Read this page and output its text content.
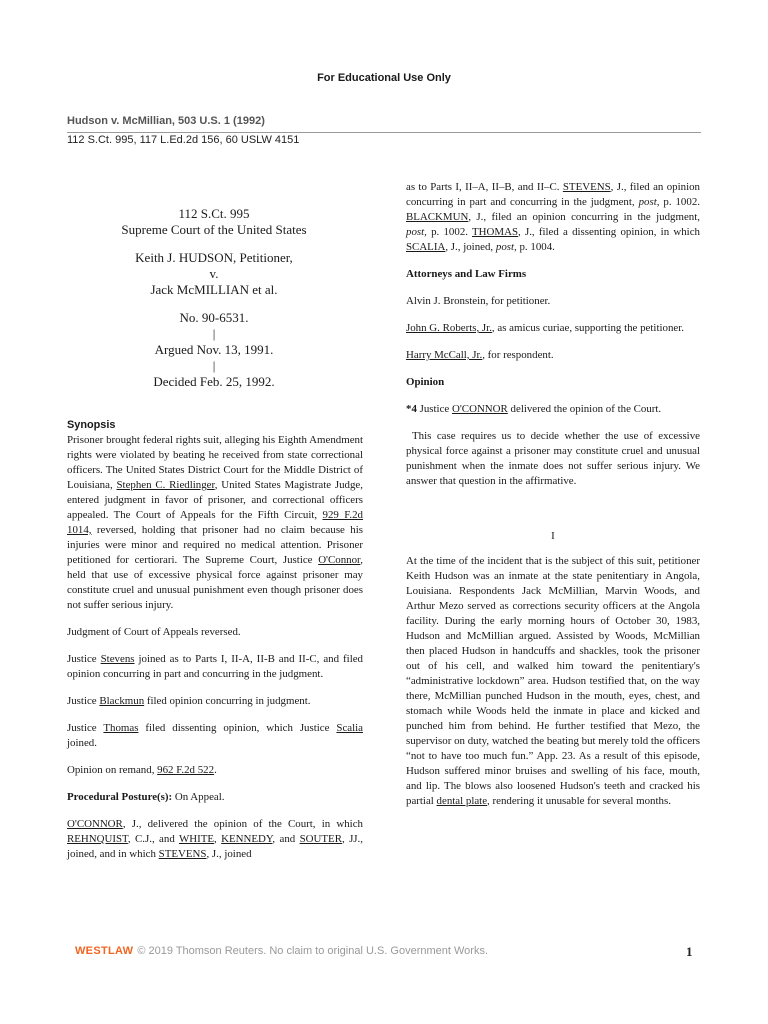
For Educational Use Only
Hudson v. McMillian, 503 U.S. 1 (1992)
112 S.Ct. 995, 117 L.Ed.2d 156, 60 USLW 4151
112 S.Ct. 995
Supreme Court of the United States
Keith J. HUDSON, Petitioner,
v.
Jack McMILLIAN et al.
No. 90-6531.
|
Argued Nov. 13, 1991.
|
Decided Feb. 25, 1992.

Synopsis

Prisoner brought federal rights suit, alleging his Eighth Amendment rights were violated by beating he received from state correctional officers. The United States District Court for the Middle District of Louisiana, Stephen C. Riedlinger, United States Magistrate Judge, entered judgment in favor of prisoner, and correctional officers appealed. The Court of Appeals for the Fifth Circuit, 929 F.2d 1014, reversed, holding that prisoner had no claim because his injuries were minor and required no medical attention. Prisoner petitioned for certiorari. The Supreme Court, Justice O'Connor, held that use of excessive physical force against prisoner may constitute cruel and unusual punishment even though prisoner does not suffer serious injury.

Judgment of Court of Appeals reversed.

Justice Stevens joined as to Parts I, II-A, II-B and II-C, and filed opinion concurring in part and concurring in the judgment.

Justice Blackmun filed opinion concurring in judgment.

Justice Thomas filed dissenting opinion, which Justice Scalia joined.

Opinion on remand, 962 F.2d 522.

Procedural Posture(s): On Appeal.

O'CONNOR, J., delivered the opinion of the Court, in which REHNQUIST, C.J., and WHITE, KENNEDY, and SOUTER, JJ., joined, and in which STEVENS, J., joined

as to Parts I, II–A, II–B, and II–C. STEVENS, J., filed an opinion concurring in part and concurring in the judgment, post, p. 1002. BLACKMUN, J., filed an opinion concurring in the judgment, post, p. 1002. THOMAS, J., filed a dissenting opinion, in which SCALIA, J., joined, post, p. 1004.

Attorneys and Law Firms

Alvin J. Bronstein, for petitioner.

John G. Roberts, Jr., as amicus curiae, supporting the petitioner.

Harry McCall, Jr., for respondent.

Opinion

*4 Justice O'CONNOR delivered the opinion of the Court.

This case requires us to decide whether the use of excessive physical force against a prisoner may constitute cruel and unusual punishment when the inmate does not suffer serious injury. We answer that question in the affirmative.

I

At the time of the incident that is the subject of this suit, petitioner Keith Hudson was an inmate at the state penitentiary in Angola, Louisiana. Respondents Jack McMillian, Marvin Woods, and Arthur Mezo served as corrections security officers at the Angola facility. During the early morning hours of October 30, 1983, Hudson and McMillian argued. Assisted by Woods, McMillian then placed Hudson in handcuffs and shackles, took the prisoner out of his cell, and walked him toward the penitentiary's “administrative lockdown” area. Hudson testified that, on the way there, McMillian punched Hudson in the mouth, eyes, chest, and stomach while Woods held the inmate in place and kicked and punched him from behind. He further testified that Mezo, the supervisor on duty, watched the beating but merely told the officers “not to have too much fun.” App. 23. As a result of this episode, Hudson suffered minor bruises and swelling of his face, mouth, and lip. The blows also loosened Hudson's teeth and cracked his partial dental plate, rendering it unusable for several months.

WESTLAW © 2019 Thomson Reuters. No claim to original U.S. Government Works.	1
